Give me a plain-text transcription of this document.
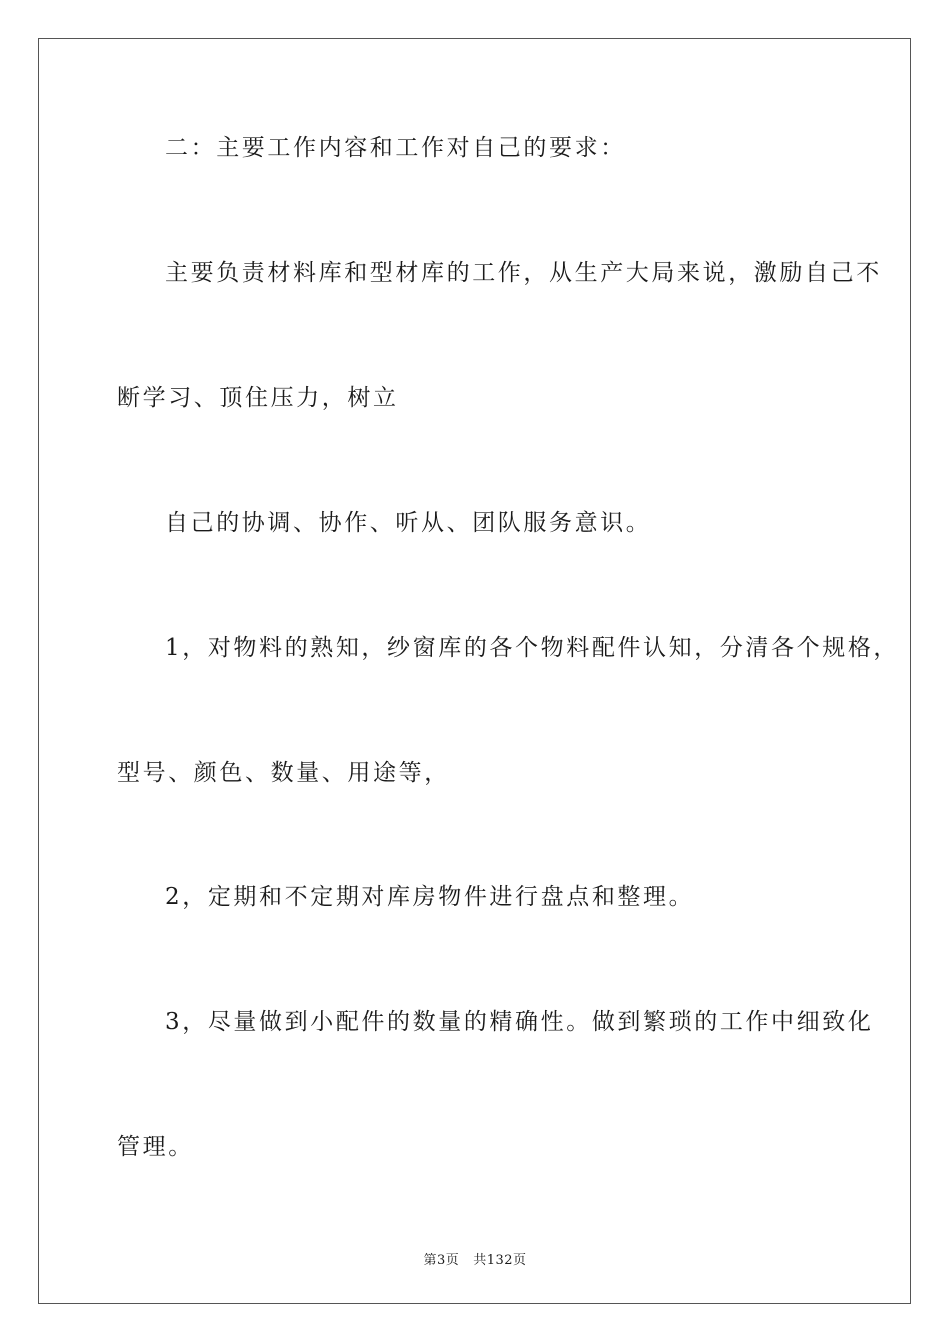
二：主要工作内容和工作对自己的要求：
主要负责材料库和型材库的工作，从生产大局来说，激励自己不
断学习、顶住压力，树立
自己的协调、协作、听从、团队服务意识。
1，对物料的熟知，纱窗库的各个物料配件认知，分清各个规格，
型号、颜色、数量、用途等，
2，定期和不定期对库房物件进行盘点和整理。
3，尽量做到小配件的数量的精确性。做到繁琐的工作中细致化
管理。
第3页 共132页
